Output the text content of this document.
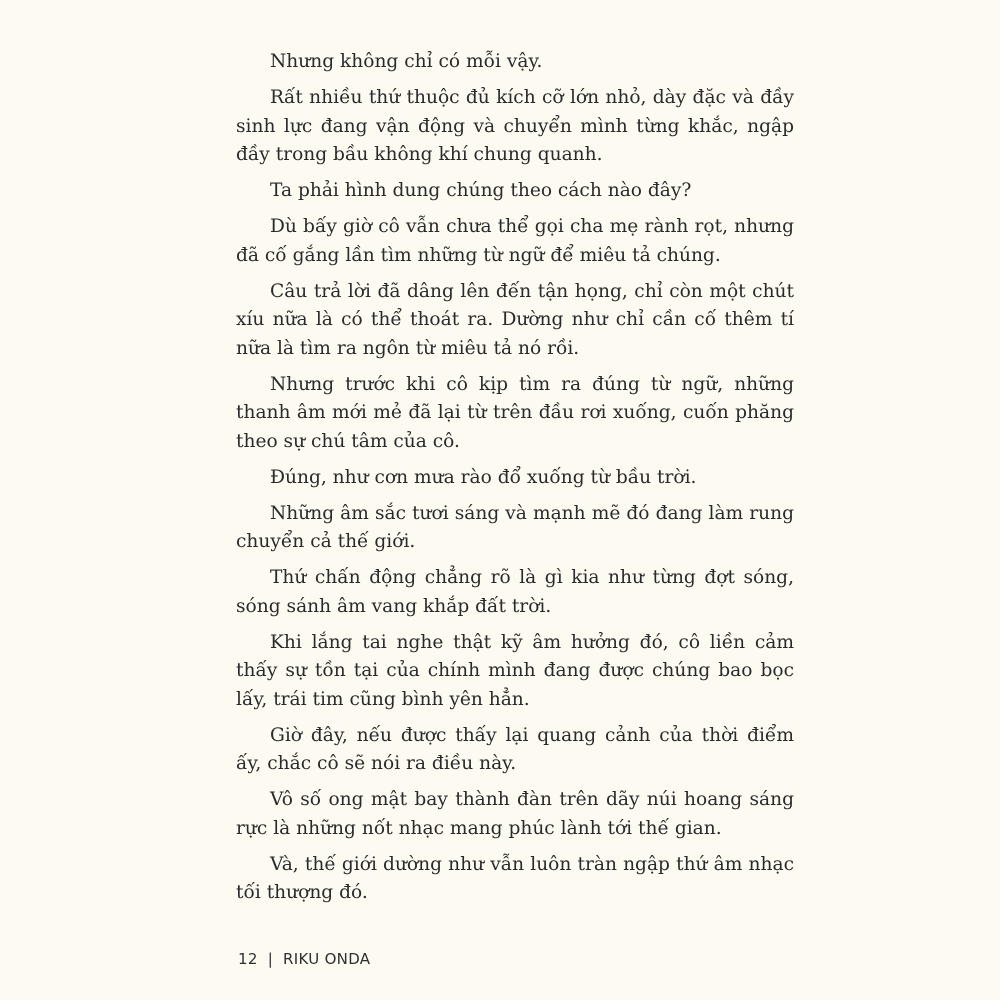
Nhưng không chỉ có mỗi vậy.

Rất nhiều thứ thuộc đủ kích cỡ lớn nhỏ, dày đặc và đầy sinh lực đang vận động và chuyển mình từng khắc, ngập đầy trong bầu không khí chung quanh.

Ta phải hình dung chúng theo cách nào đây?

Dù bấy giờ cô vẫn chưa thể gọi cha mẹ rành rọt, nhưng đã cố gắng lần tìm những từ ngữ để miêu tả chúng.

Câu trả lời đã dâng lên đến tận họng, chỉ còn một chút xíu nữa là có thể thoát ra. Dường như chỉ cần cố thêm tí nữa là tìm ra ngôn từ miêu tả nó rồi.

Nhưng trước khi cô kịp tìm ra đúng từ ngữ, những thanh âm mới mẻ đã lại từ trên đầu rơi xuống, cuốn phăng theo sự chú tâm của cô.

Đúng, như cơn mưa rào đổ xuống từ bầu trời.

Những âm sắc tươi sáng và mạnh mẽ đó đang làm rung chuyển cả thế giới.

Thứ chấn động chẳng rõ là gì kia như từng đợt sóng, sóng sánh âm vang khắp đất trời.

Khi lắng tai nghe thật kỹ âm hưởng đó, cô liền cảm thấy sự tồn tại của chính mình đang được chúng bao bọc lấy, trái tim cũng bình yên hẳn.

Giờ đây, nếu được thấy lại quang cảnh của thời điểm ấy, chắc cô sẽ nói ra điều này.

Vô số ong mật bay thành đàn trên dãy núi hoang sáng rực là những nốt nhạc mang phúc lành tới thế gian.

Và, thế giới dường như vẫn luôn tràn ngập thứ âm nhạc tối thượng đó.

12 | RIKU ONDA
